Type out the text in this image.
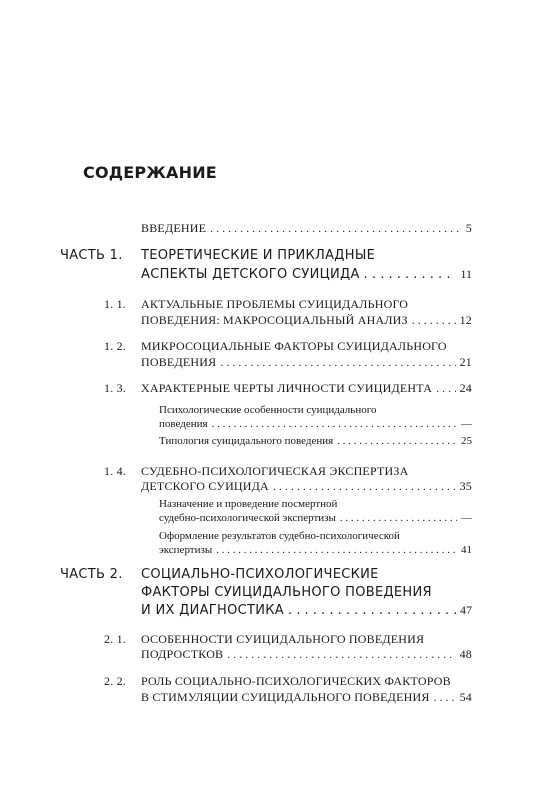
СОДЕРЖАНИЕ
ВВЕДЕНИЕ . . .	5
ЧАСТЬ 1. ТЕОРЕТИЧЕСКИЕ И ПРИКЛАДНЫЕ
АСПЕКТЫ ДЕТСКОГО СУИЦИДА . . .	11
1. 1. АКТУАЛЬНЫЕ ПРОБЛЕМЫ СУИЦИДАЛЬНОГО
ПОВЕДЕНИЯ: МАКРОСОЦИАЛЬНЫЙ АНАЛИЗ . . .	12
1. 2. МИКРОСОЦИАЛЬНЫЕ ФАКТОРЫ СУИЦИДАЛЬНОГО
ПОВЕДЕНИЯ . . .	21
1. 3. ХАРАКТЕРНЫЕ ЧЕРТЫ ЛИЧНОСТИ СУИЦИДЕНТА . . . 24
Психологические особенности суицидального
поведения . . .	—
Типология суицидального поведения . . .	25
1. 4. СУДЕБНО-ПСИХОЛОГИЧЕСКАЯ ЭКСПЕРТИЗА
ДЕТСКОГО СУИЦИДА . . .	35
Назначение и проведение посмертной
судебно-психологической экспертизы . . .	—
Оформление результатов судебно-психологической
экспертизы . . .	41
ЧАСТЬ 2. СОЦИАЛЬНО-ПСИХОЛОГИЧЕСКИЕ
ФАКТОРЫ СУИЦИДАЛЬНОГО ПОВЕДЕНИЯ
И ИХ ДИАГНОСТИКА . . .	47
2. 1. ОСОБЕННОСТИ СУИЦИДАЛЬНОГО ПОВЕДЕНИЯ
ПОДРОСТКОВ . . .	48
2. 2. РОЛЬ СОЦИАЛЬНО-ПСИХОЛОГИЧЕСКИХ ФАКТОРОВ
В СТИМУЛЯЦИИ СУИЦИДАЛЬНОГО ПОВЕДЕНИЯ . . .	54
